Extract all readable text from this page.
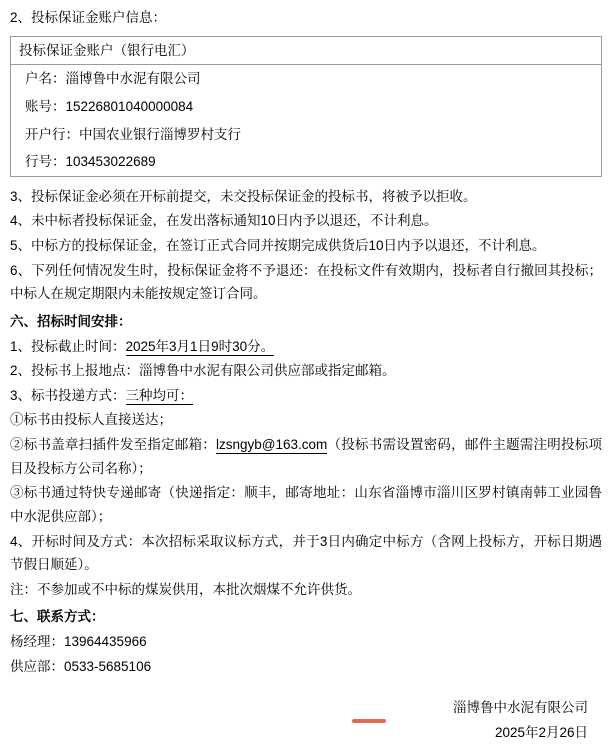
2、投标保证金账户信息：
投标保证金账户（银行电汇）
户名：淄博鲁中水泥有限公司
账号：15226801040000084
开户行：中国农业银行淄博罗村支行
行号：103453022689
3、投标保证金必须在开标前提交，未交投标保证金的投标书，将被予以拒收。
4、未中标者投标保证金，在发出落标通知10日内予以退还，不计利息。
5、中标方的投标保证金，在签订正式合同并按期完成供货后10日内予以退还，不计利息。
6、下列任何情况发生时，投标保证金将不予退还：在投标文件有效期内，投标者自行撤回其投标；中标人在规定期限内未能按规定签订合同。
六、招标时间安排：
1、投标截止时间：2025年3月1日9时30分。
2、投标书上报地点：淄博鲁中水泥有限公司供应部或指定邮箱。
3、标书投递方式：三种均可：
①标书由投标人直接送达；
②标书盖章扫插件发至指定邮箱：lzsngyb@163.com（投标书需设置密码，邮件主题需注明投标项目及投标方公司名称）；
③标书通过特快专递邮寄（快递指定：顺丰，邮寄地址：山东省淄博市淄川区罗村镇南韩工业园鲁中水泥供应部）；
4、开标时间及方式：本次招标采取议标方式，并于3日内确定中标方（含网上投标方，开标日期遇节假日顺延）。
注：不参加或不中标的煤炭供用，本批次烟煤不允许供货。
七、联系方式：
杨经理：13964435966
供应部：0533-5685106
淄博鲁中水泥有限公司
2025年2月26日
